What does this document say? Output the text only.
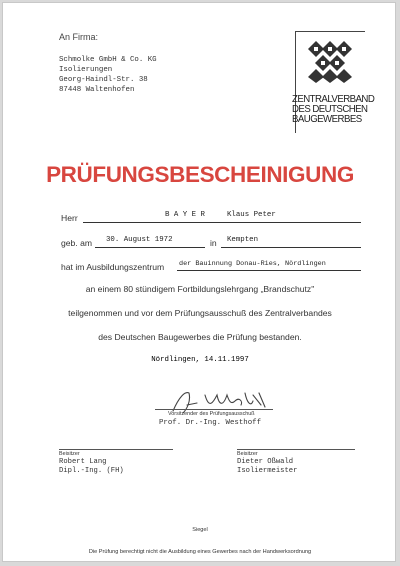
An Firma:
Schmolke GmbH & Co. KG
Isolierungen
Georg-Haindl-Str. 38
87448 Waltenhofen
ZENTRALVERBAND
DES DEUTSCHEN
BAUGEWERBES
PRÜFUNGSBESCHEINIGUNG
Herr	B A Y E R	Klaus Peter
geb. am 30. August 1972	in Kempten
hat im Ausbildungszentrum der Bauinnung Donau-Ries, Nördlingen
an einem 80 stündigem Fortbildungslehrgang „Brandschutz"
teilgenommen und vor dem Prüfungsausschuß des Zentralverbandes
des Deutschen Baugewerbes die Prüfung bestanden.
Nördlingen, 14.11.1997
Vorsitzender des Prüfungsausschuß
Prof. Dr.-Ing. Westhoff
Beisitzer
Robert Lang
Dipl.-Ing. (FH)
Beisitzer
Dieter Oßwald
Isoliermeister
Siegel
Die Prüfung berechtigt nicht die Ausbildung eines Gewerbes nach der Handwerksordnung
